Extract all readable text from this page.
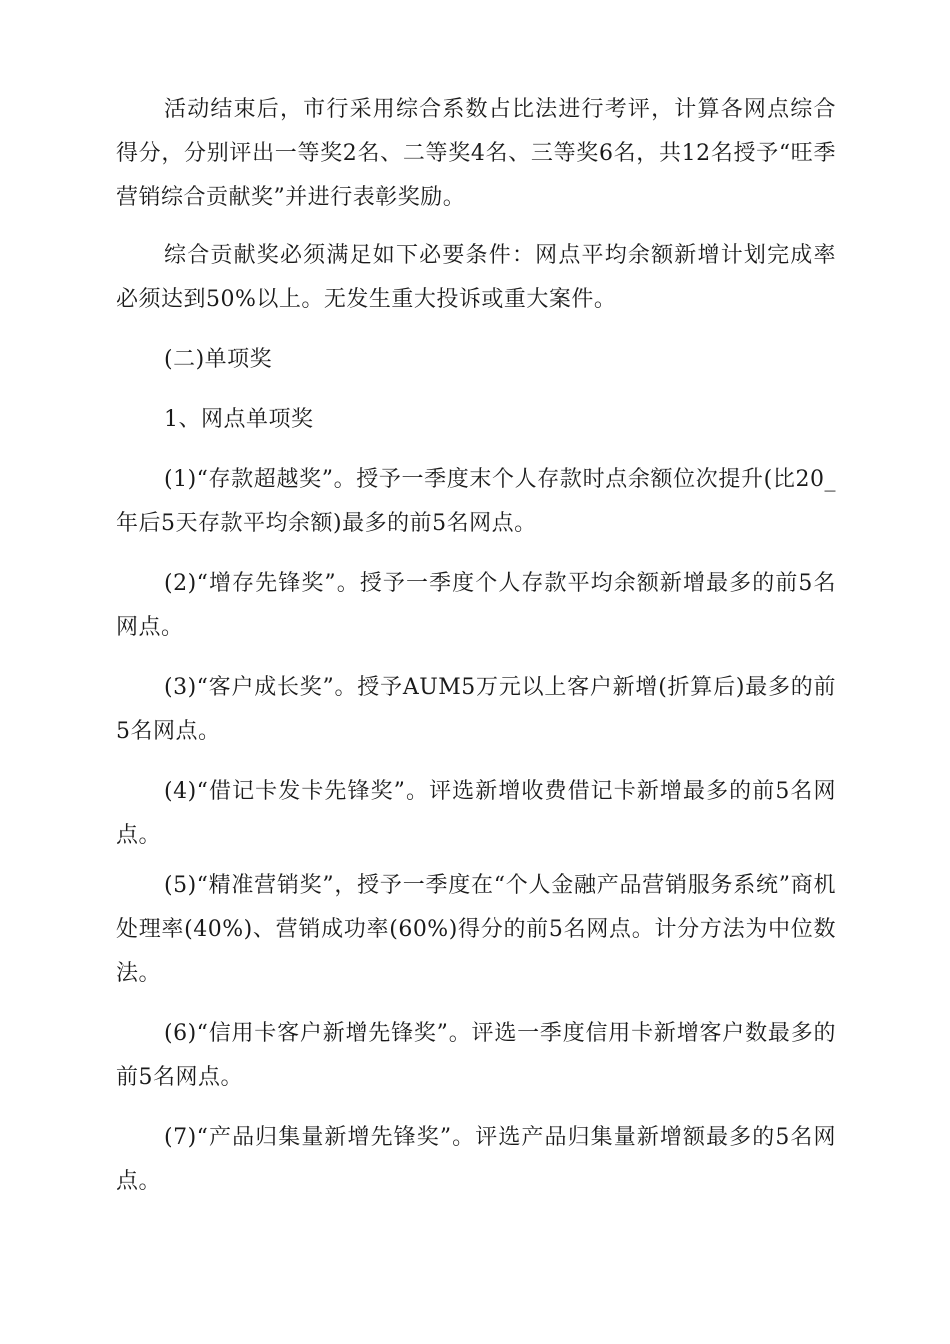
活动结束后，市行采用综合系数占比法进行考评，计算各网点综合得分，分别评出一等奖2名、二等奖4名、三等奖6名，共12名授予“旺季营销综合贡献奖”并进行表彰奖励。

综合贡献奖必须满足如下必要条件：网点平均余额新增计划完成率必须达到50%以上。无发生重大投诉或重大案件。

(二)单项奖

1、网点单项奖

(1)“存款超越奖”。授予一季度末个人存款时点余额位次提升(比20_年后5天存款平均余额)最多的前5名网点。

(2)“增存先锋奖”。授予一季度个人存款平均余额新增最多的前5名网点。

(3)“客户成长奖”。授予AUM5万元以上客户新增(折算后)最多的前5名网点。

(4)“借记卡发卡先锋奖”。评选新增收费借记卡新增最多的前5名网点。

(5)“精准营销奖”，授予一季度在“个人金融产品营销服务系统”商机处理率(40%)、营销成功率(60%)得分的前5名网点。计分方法为中位数法。

(6)“信用卡客户新增先锋奖”。评选一季度信用卡新增客户数最多的前5名网点。

(7)“产品归集量新增先锋奖”。评选产品归集量新增额最多的5名网点。
